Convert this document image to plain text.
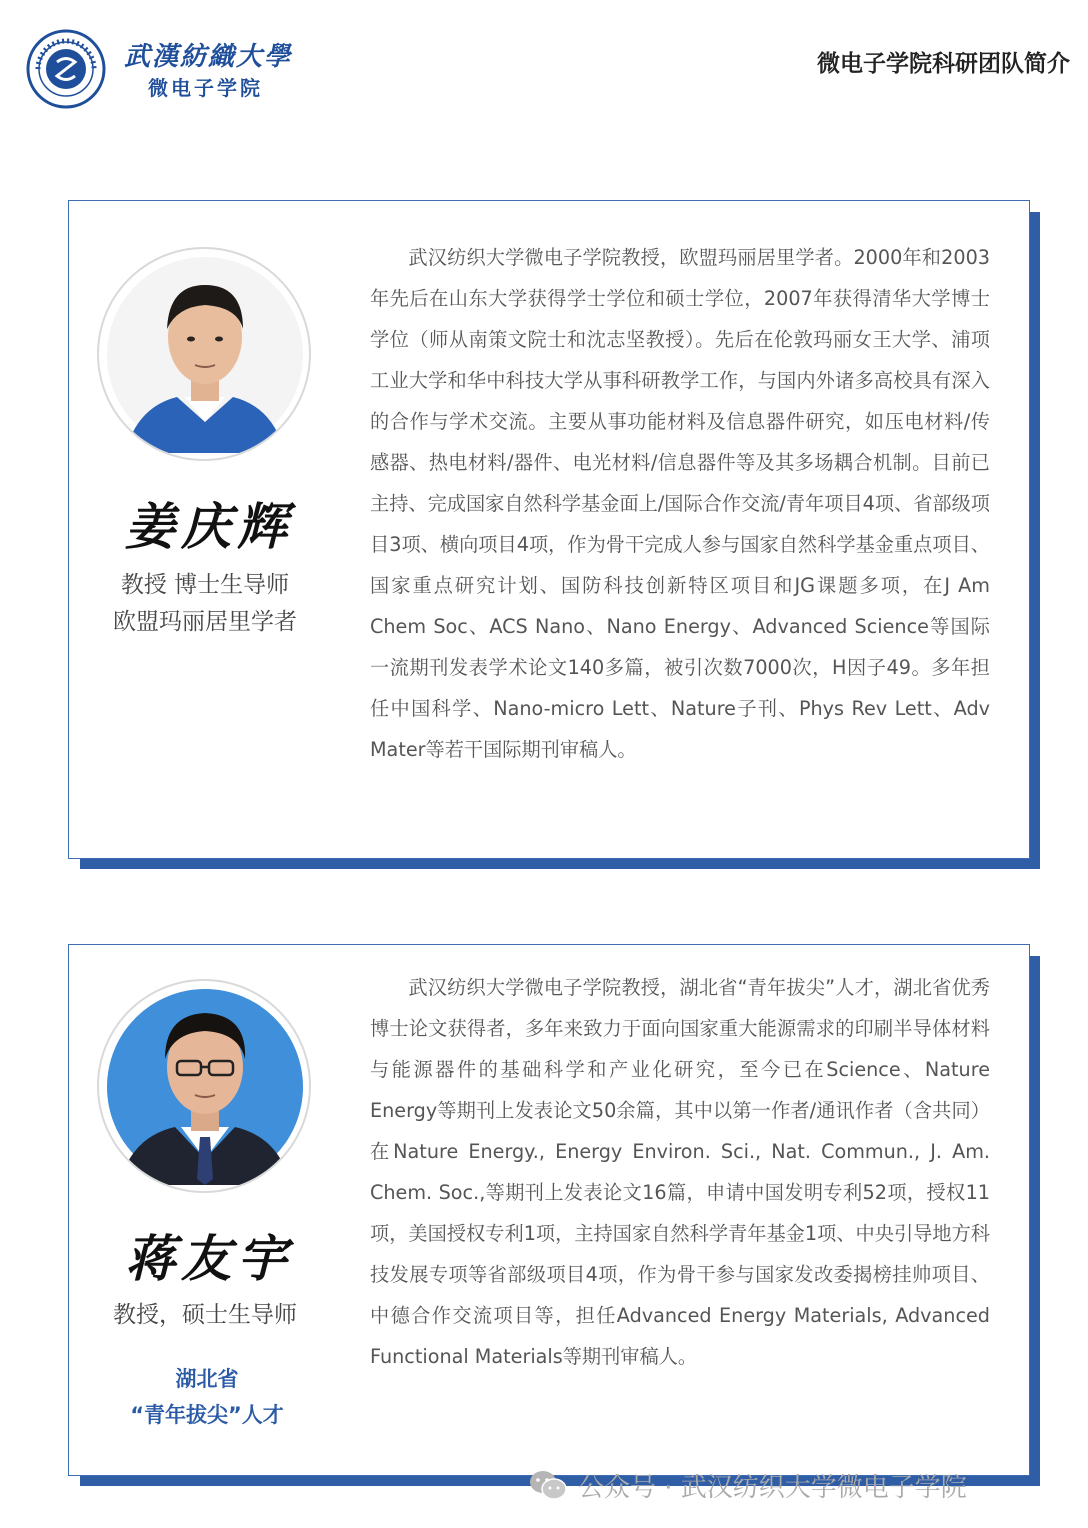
武漢紡織大學
微电子学院
微电子学院科研团队简介
姜庆辉
教授 博士生导师
欧盟玛丽居里学者

武汉纺织大学微电子学院教授，欧盟玛丽居里学者。2000年和2003年先后在山东大学获得学士学位和硕士学位，2007年获得清华大学博士学位（师从南策文院士和沈志坚教授）。先后在伦敦玛丽女王大学、浦项工业大学和华中科技大学从事科研教学工作，与国内外诸多高校具有深入的合作与学术交流。主要从事功能材料及信息器件研究，如压电材料/传感器、热电材料/器件、电光材料/信息器件等及其多场耦合机制。目前已主持、完成国家自然科学基金面上/国际合作交流/青年项目4项、省部级项目3项、横向项目4项，作为骨干完成人参与国家自然科学基金重点项目、国家重点研究计划、国防科技创新特区项目和JG课题多项，在J Am Chem Soc、ACS Nano、Nano Energy、Advanced Science等国际一流期刊发表学术论文140多篇，被引次数7000次，H因子49。多年担任中国科学、Nano-micro Lett、Nature子刊、Phys Rev Lett、Adv Mater等若干国际期刊审稿人。

蒋友宇
教授，硕士生导师
湖北省
“青年拔尖”人才

武汉纺织大学微电子学院教授，湖北省“青年拔尖”人才，湖北省优秀博士论文获得者，多年来致力于面向国家重大能源需求的印刷半导体材料与能源器件的基础科学和产业化研究，至今已在Science、Nature Energy等期刊上发表论文50余篇，其中以第一作者/通讯作者（含共同）在Nature Energy., Energy Environ. Sci., Nat. Commun., J. Am. Chem. Soc.,等期刊上发表论文16篇，申请中国发明专利52项，授权11项，美国授权专利1项，主持国家自然科学青年基金1项、中央引导地方科技发展专项等省部级项目4项，作为骨干参与国家发改委揭榜挂帅项目、中德合作交流项目等，担任Advanced Energy Materials, Advanced Functional Materials等期刊审稿人。

公众号 · 武汉纺织大学微电子学院
